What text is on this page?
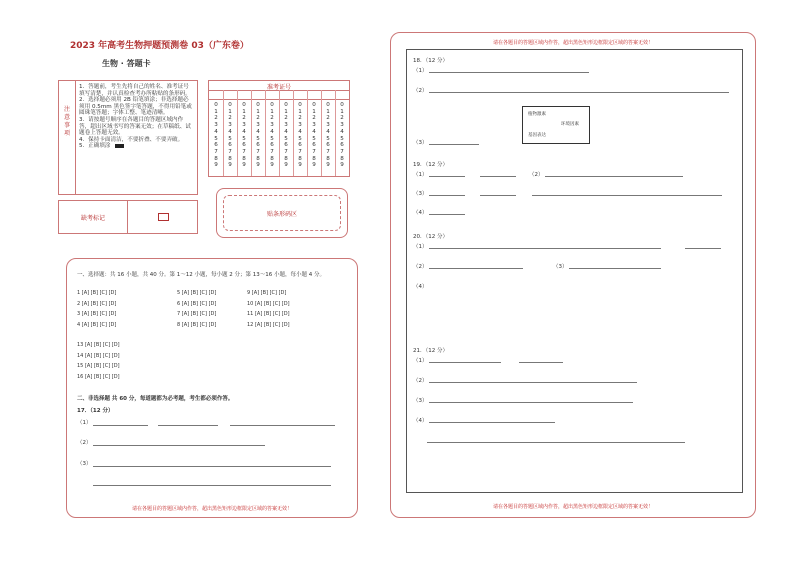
2023 年高考生物押题预测卷 03（广东卷）
生物 · 答题卡
注意事项
1．答题前，考生先将自己的姓名、准考证号填写清楚，并认真检查考办所粘贴的条形码。
2．选择题必须用 2B 铅笔填涂；非选择题必须用 0.5mm 黑色签字笔答题，不得用铅笔或圆珠笔答题；字体工整、笔迹清晰。
3．请按题号顺序在各题目的答题区域内作答，超出区域书写的答案无效；在草稿纸、试题卷上答题无效。
4．保持卡面清洁，不要折叠、不要弄破。
5．正确填涂
准考证号
0
1
2
3
4
5
6
7
8
9
0
1
2
3
4
5
6
7
8
9
0
1
2
3
4
5
6
7
8
9
0
1
2
3
4
5
6
7
8
9
0
1
2
3
4
5
6
7
8
9
0
1
2
3
4
5
6
7
8
9
0
1
2
3
4
5
6
7
8
9
0
1
2
3
4
5
6
7
8
9
0
1
2
3
4
5
6
7
8
9
0
1
2
3
4
5
6
7
8
9
缺考标记
贴条形码区
一、选择题：共 16 小题，共 40 分。第 1～12 小题，每小题 2 分；第 13～16 小题，每小题 4 分。
1 [A] [B] [C] [D]
2 [A] [B] [C] [D]
3 [A] [B] [C] [D]
4 [A] [B] [C] [D]
5 [A] [B] [C] [D]
6 [A] [B] [C] [D]
7 [A] [B] [C] [D]
8 [A] [B] [C] [D]
9 [A] [B] [C] [D]
10 [A] [B] [C] [D]
11 [A] [B] [C] [D]
12 [A] [B] [C] [D]
13 [A] [B] [C] [D]
14 [A] [B] [C] [D]
15 [A] [B] [C] [D]
16 [A] [B] [C] [D]
二、非选择题 共 60 分，每道题都为必考题，考生都必须作答。
17．（12 分）
（1）
（2）
（3）
请在各题目的答题区域内作答，超出黑色矩形边框限定区域的答案无效！
请在各题目的答题区域内作答，超出黑色矩形边框限定区域的答案无效！
18．（12 分）
（1）
（2）
植物激素
环境因素
基因表达
（3）
19．（12 分）
（1）	（2）
（3）
（4）
20．（12 分）
（1）
（2）	（3）
（4）
21．（12 分）
（1）
（2）
（3）
（4）
请在各题目的答题区域内作答，超出黑色矩形边框限定区域的答案无效！
